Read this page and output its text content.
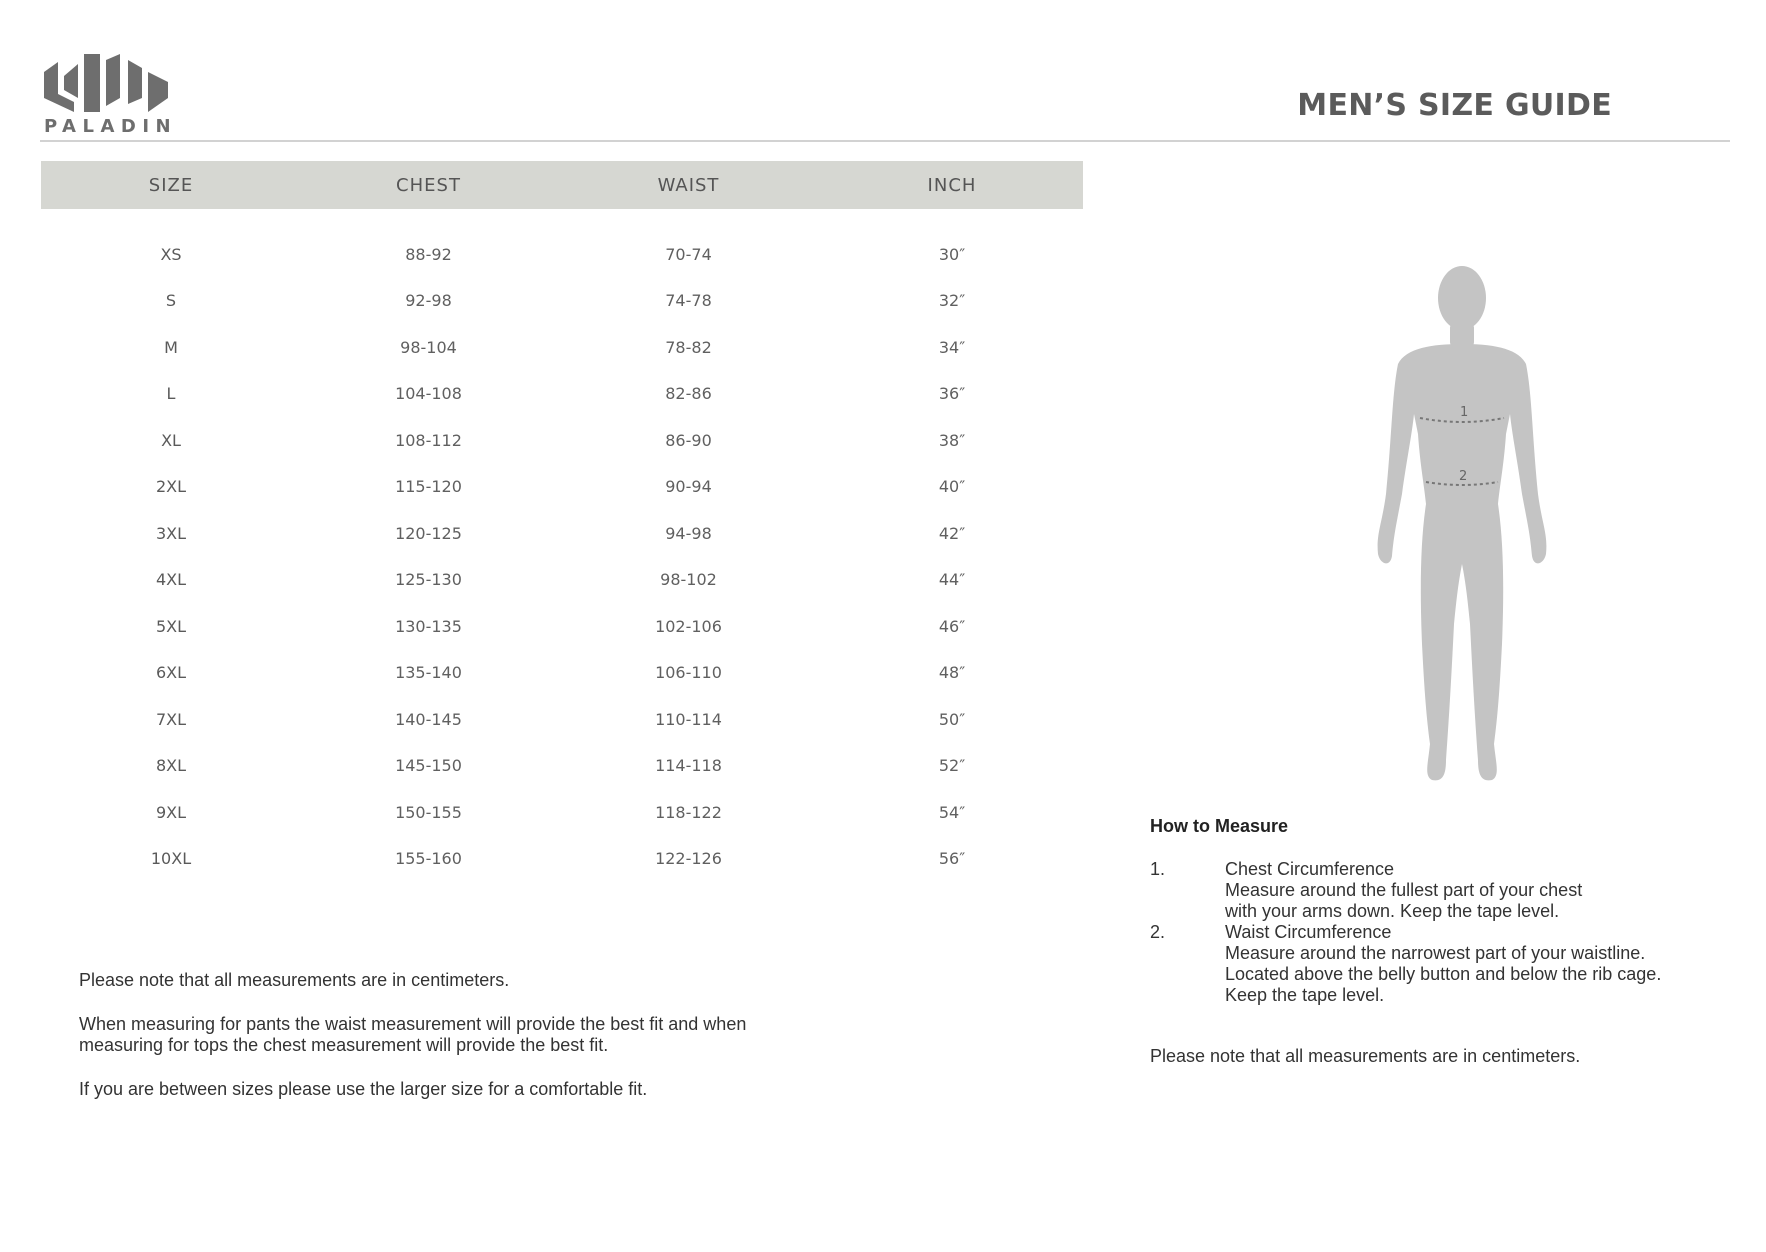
PALADIN
MEN’S SIZE GUIDE
SIZE	CHEST	WAIST	INCH

XS	88-92	70-74	30″
S	92-98	74-78	32″
M	98-104	78-82	34″
L	104-108	82-86	36″
XL	108-112	86-90	38″
2XL	115-120	90-94	40″
3XL	120-125	94-98	42″
4XL	125-130	98-102	44″
5XL	130-135	102-106	46″
6XL	135-140	106-110	48″
7XL	140-145	110-114	50″
8XL	145-150	114-118	52″
9XL	150-155	118-122	54″
10XL	155-160	122-126	56″

Please note that all measurements are in centimeters.

When measuring for pants the waist measurement will provide the best fit and when measuring for tops the chest measurement will provide the best fit.

If you are between sizes please use the larger size for a comfortable fit.

1
2
How to Measure
1.	Chest Circumference
Measure around the fullest part of your chest
with your arms down. Keep the tape level.
2.	Waist Circumference
Measure around the narrowest part of your waistline.
Located above the belly button and below the rib cage.
Keep the tape level.
Please note that all measurements are in centimeters.
